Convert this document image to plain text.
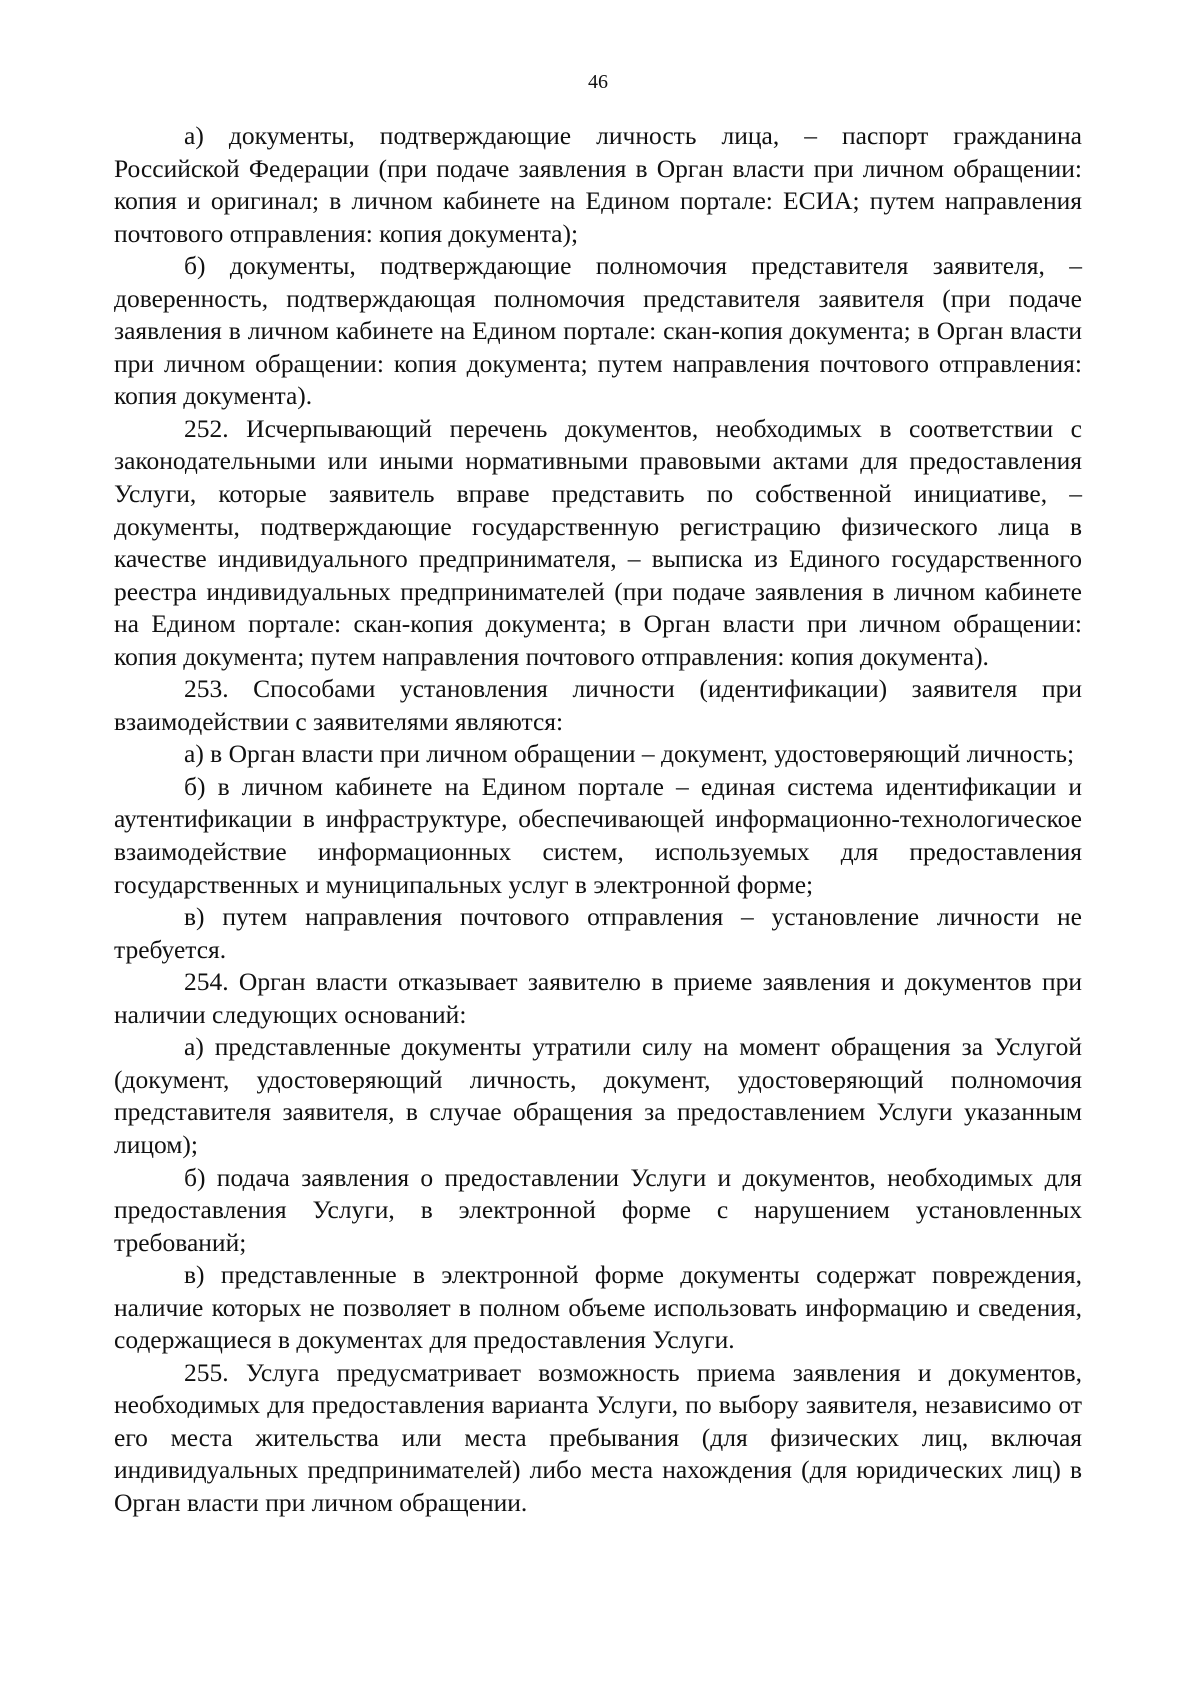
46

а) документы, подтверждающие личность лица, – паспорт гражданина Российской Федерации (при подаче заявления в Орган власти при личном обращении: копия и оригинал; в личном кабинете на Едином портале: ЕСИА; путем направления почтового отправления: копия документа);

б) документы, подтверждающие полномочия представителя заявителя, – доверенность, подтверждающая полномочия представителя заявителя (при подаче заявления в личном кабинете на Едином портале: скан-копия документа; в Орган власти при личном обращении: копия документа; путем направления почтового отправления: копия документа).

252. Исчерпывающий перечень документов, необходимых в соответствии с законодательными или иными нормативными правовыми актами для предоставления Услуги, которые заявитель вправе представить по собственной инициативе, – документы, подтверждающие государственную регистрацию физического лица в качестве индивидуального предпринимателя, – выписка из Единого государственного реестра индивидуальных предпринимателей (при подаче заявления в личном кабинете на Едином портале: скан-копия документа; в Орган власти при личном обращении: копия документа; путем направления почтового отправления: копия документа).

253. Способами установления личности (идентификации) заявителя при взаимодействии с заявителями являются:

а) в Орган власти при личном обращении – документ, удостоверяющий личность;

б) в личном кабинете на Едином портале – единая система идентификации и аутентификации в инфраструктуре, обеспечивающей информационно-технологическое взаимодействие информационных систем, используемых для предоставления государственных и муниципальных услуг в электронной форме;

в) путем направления почтового отправления – установление личности не требуется.

254. Орган власти отказывает заявителю в приеме заявления и документов при наличии следующих оснований:

а) представленные документы утратили силу на момент обращения за Услугой (документ, удостоверяющий личность, документ, удостоверяющий полномочия представителя заявителя, в случае обращения за предоставлением Услуги указанным лицом);

б) подача заявления о предоставлении Услуги и документов, необходимых для предоставления Услуги, в электронной форме с нарушением установленных требований;

в) представленные в электронной форме документы содержат повреждения, наличие которых не позволяет в полном объеме использовать информацию и сведения, содержащиеся в документах для предоставления Услуги.

255. Услуга предусматривает возможность приема заявления и документов, необходимых для предоставления варианта Услуги, по выбору заявителя, независимо от его места жительства или места пребывания (для физических лиц, включая индивидуальных предпринимателей) либо места нахождения (для юридических лиц) в Орган власти при личном обращении.
